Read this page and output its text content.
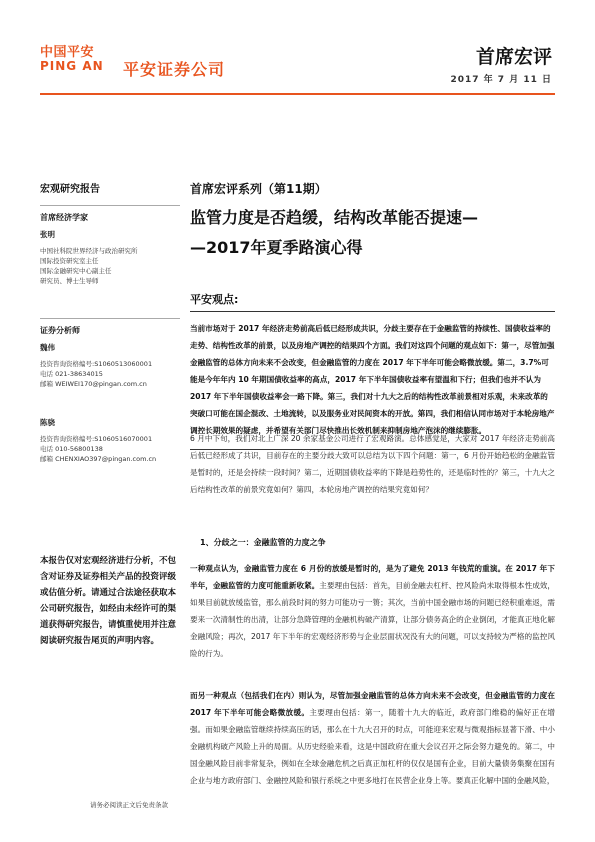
中国平安
PING AN 平安证券公司
首席宏评
2017 年 7 月 11 日
宏观研究报告
首席经济学家
张明
中国社科院世界经济与政治研究所
国际投资研究室主任
国际金融研究中心副主任
研究员、博士生导师
证券分析师
魏伟
投资咨询资格编号:S1060513060001
电话 021-38634015
邮箱 WEIWEI170@pingan.com.cn
陈骁
投资咨询资格编号:S1060516070001
电话 010-56800138
邮箱 CHENXIAO397@pingan.com.cn
本报告仅对宏观经济进行分析，不包含对证券及证券相关产品的投资评级或估值分析。请通过合法途径获取本公司研究报告，如经由未经许可的渠道获得研究报告，请慎重使用并注意阅读研究报告尾页的声明内容。
首席宏评系列（第11期）
监管力度是否趋缓，结构改革能否提速—
—2017年夏季路演心得
平安观点:
当前市场对于 2017 年经济走势前高后低已经形成共识，分歧主要存在于金融监管的持续性、国债收益率的走势、结构性改革的前景，以及房地产调控的结果四个方面。我们对这四个问题的观点如下：第一，尽管加强金融监管的总体方向未来不会改变，但金融监管的力度在 2017 年下半年可能会略微放缓。第二，3.7%可能是今年年内 10 年期国债收益率的高点，2017 年下半年国债收益率有望温和下行；但我们也并不认为 2017 年下半年国债收益率会一路下降。第三，我们对十九大之后的结构性改革前景相对乐观，未来改革的突破口可能在国企混改、土地流转，以及服务业对民间资本的开放。第四，我们相信认同市场对于本轮房地产调控长期效果的疑虑，并希望有关部门尽快推出长效机制来抑制房地产泡沫的继续膨胀。
6 月中下旬，我们对北上广深 20 余家基金公司进行了宏观路演。总体感觉是，大家对 2017 年经济走势前高后低已经形成了共识，目前存在的主要分歧大致可以总结为以下四个问题：第一，6 月份开始趋松的金融监管是暂时的，还是会持续一段时间？第二，近期国债收益率的下降是趋势性的，还是临时性的？第三，十九大之后结构性改革的前景究竟如何？第四，本轮房地产调控的结果究竟如何？
1、分歧之一：金融监管的力度之争
一种观点认为，金融监管力度在 6 月份的放缓是暂时的，是为了避免 2013 年钱荒的重演。在 2017 年下半年，金融监管的力度可能重新收紧。主要理由包括：首先，目前金融去杠杆、控风险尚未取得根本性成效，如果目前就放缓监管，那么前段时间的努力可能功亏一篑；其次，当前中国金融市场的问题已经积重难返，需要来一次清制性的出清，让部分急降管理的金融机构破产清算，让部分债务高企的企业倒闭，才能真正地化解金融风险；再次，2017 年下半年的宏观经济形势与企业层面状况没有大的问题，可以支持较为严格的监控风险的行为。
而另一种观点（包括我们在内）则认为，尽管加强金融监管的总体方向未来不会改变，但金融监管的力度在 2017 年下半年可能会略微放缓。主要理由包括：第一，随着十九大的临近，政府部门维稳的偏好正在增强。而如果金融监管继续持续高压的话，那么在十九大召开的时点，可能迎来宏观与微观指标显著下滑、中小金融机构破产风险上升的局面。从历史经验来看，这是中国政府在重大会议召开之际会努力避免的。第二，中国金融风险目前非常复杂，例如在全球金融危机之后真正加杠杆的仅仅是国有企业，目前大量债务集聚在国有企业与地方政府部门、金融控风险和银行系统之中更多地打在民营企业身上等。要真正化解中国的金融风险，
请务必阅读正文后免责条款
